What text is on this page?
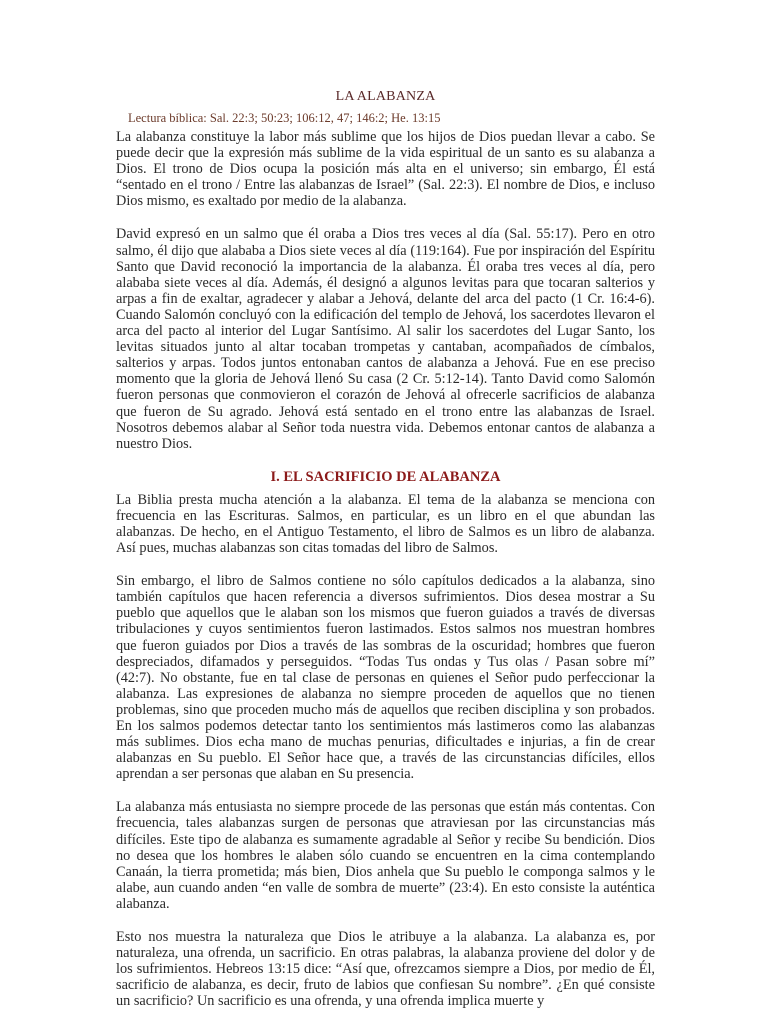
LA ALABANZA
Lectura bíblica: Sal. 22:3; 50:23; 106:12, 47; 146:2; He. 13:15

La alabanza constituye la labor más sublime que los hijos de Dios puedan llevar a cabo. Se puede decir que la expresión más sublime de la vida espiritual de un santo es su alabanza a Dios. El trono de Dios ocupa la posición más alta en el universo; sin embargo, Él está “sentado en el trono / Entre las alabanzas de Israel” (Sal. 22:3). El nombre de Dios, e incluso Dios mismo, es exaltado por medio de la alabanza.

David expresó en un salmo que él oraba a Dios tres veces al día (Sal. 55:17). Pero en otro salmo, él dijo que alababa a Dios siete veces al día (119:164). Fue por inspiración del Espíritu Santo que David reconoció la importancia de la alabanza. Él oraba tres veces al día, pero alababa siete veces al día. Además, él designó a algunos levitas para que tocaran salterios y arpas a fin de exaltar, agradecer y alabar a Jehová, delante del arca del pacto (1 Cr. 16:4-6). Cuando Salomón concluyó con la edificación del templo de Jehová, los sacerdotes llevaron el arca del pacto al interior del Lugar Santísimo. Al salir los sacerdotes del Lugar Santo, los levitas situados junto al altar tocaban trompetas y cantaban, acompañados de címbalos, salterios y arpas. Todos juntos entonaban cantos de alabanza a Jehová. Fue en ese preciso momento que la gloria de Jehová llenó Su casa (2 Cr. 5:12-14). Tanto David como Salomón fueron personas que conmovieron el corazón de Jehová al ofrecerle sacrificios de alabanza que fueron de Su agrado. Jehová está sentado en el trono entre las alabanzas de Israel. Nosotros debemos alabar al Señor toda nuestra vida. Debemos entonar cantos de alabanza a nuestro Dios.

I. EL SACRIFICIO DE ALABANZA

La Biblia presta mucha atención a la alabanza. El tema de la alabanza se menciona con frecuencia en las Escrituras. Salmos, en particular, es un libro en el que abundan las alabanzas. De hecho, en el Antiguo Testamento, el libro de Salmos es un libro de alabanza. Así pues, muchas alabanzas son citas tomadas del libro de Salmos.

Sin embargo, el libro de Salmos contiene no sólo capítulos dedicados a la alabanza, sino también capítulos que hacen referencia a diversos sufrimientos. Dios desea mostrar a Su pueblo que aquellos que le alaban son los mismos que fueron guiados a través de diversas tribulaciones y cuyos sentimientos fueron lastimados. Estos salmos nos muestran hombres que fueron guiados por Dios a través de las sombras de la oscuridad; hombres que fueron despreciados, difamados y perseguidos. “Todas Tus ondas y Tus olas / Pasan sobre mí” (42:7). No obstante, fue en tal clase de personas en quienes el Señor pudo perfeccionar la alabanza. Las expresiones de alabanza no siempre proceden de aquellos que no tienen problemas, sino que proceden mucho más de aquellos que reciben disciplina y son probados. En los salmos podemos detectar tanto los sentimientos más lastimeros como las alabanzas más sublimes. Dios echa mano de muchas penurias, dificultades e injurias, a fin de crear alabanzas en Su pueblo. El Señor hace que, a través de las circunstancias difíciles, ellos aprendan a ser personas que alaban en Su presencia.

La alabanza más entusiasta no siempre procede de las personas que están más contentas. Con frecuencia, tales alabanzas surgen de personas que atraviesan por las circunstancias más difíciles. Este tipo de alabanza es sumamente agradable al Señor y recibe Su bendición. Dios no desea que los hombres le alaben sólo cuando se encuentren en la cima contemplando Canaán, la tierra prometida; más bien, Dios anhela que Su pueblo le componga salmos y le alabe, aun cuando anden “en valle de sombra de muerte” (23:4). En esto consiste la auténtica alabanza.

Esto nos muestra la naturaleza que Dios le atribuye a la alabanza. La alabanza es, por naturaleza, una ofrenda, un sacrificio. En otras palabras, la alabanza proviene del dolor y de los sufrimientos. Hebreos 13:15 dice: “Así que, ofrezcamos siempre a Dios, por medio de Él, sacrificio de alabanza, es decir, fruto de labios que confiesan Su nombre”. ¿En qué consiste un sacrificio? Un sacrificio es una ofrenda, y una ofrenda implica muerte y
